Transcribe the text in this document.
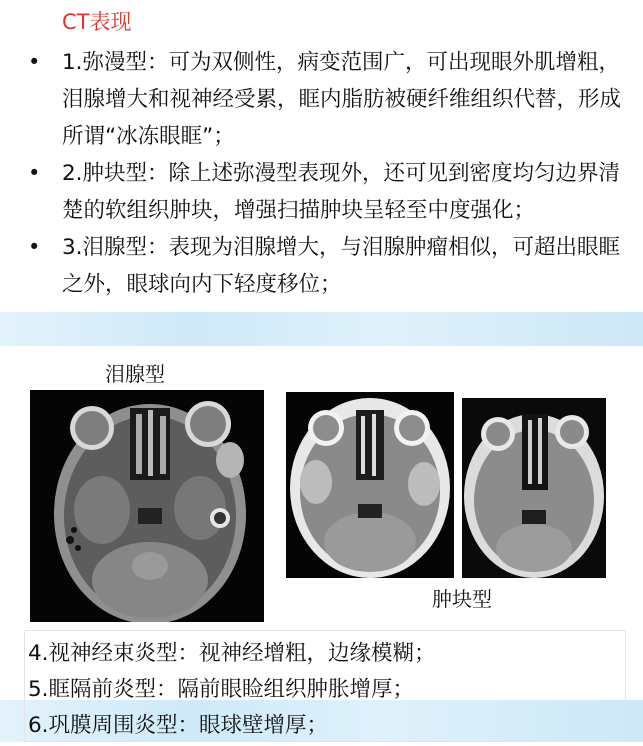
CT表现
• 1.弥漫型：可为双侧性，病变范围广，可出现眼外肌增粗，泪腺增大和视神经受累，眶内脂肪被硬纤维组织代替，形成所谓“冰冻眼眶”；
• 2.肿块型：除上述弥漫型表现外，还可见到密度均匀边界清楚的软组织肿块，增强扫描肿块呈轻至中度强化；
• 3.泪腺型：表现为泪腺增大，与泪腺肿瘤相似，可超出眼眶之外，眼球向内下轻度移位；
泪腺型
肿块型
4.视神经束炎型：视神经增粗，边缘模糊；
5.眶隔前炎型：隔前眼睑组织肿胀增厚；
6.巩膜周围炎型：眼球壁增厚；
